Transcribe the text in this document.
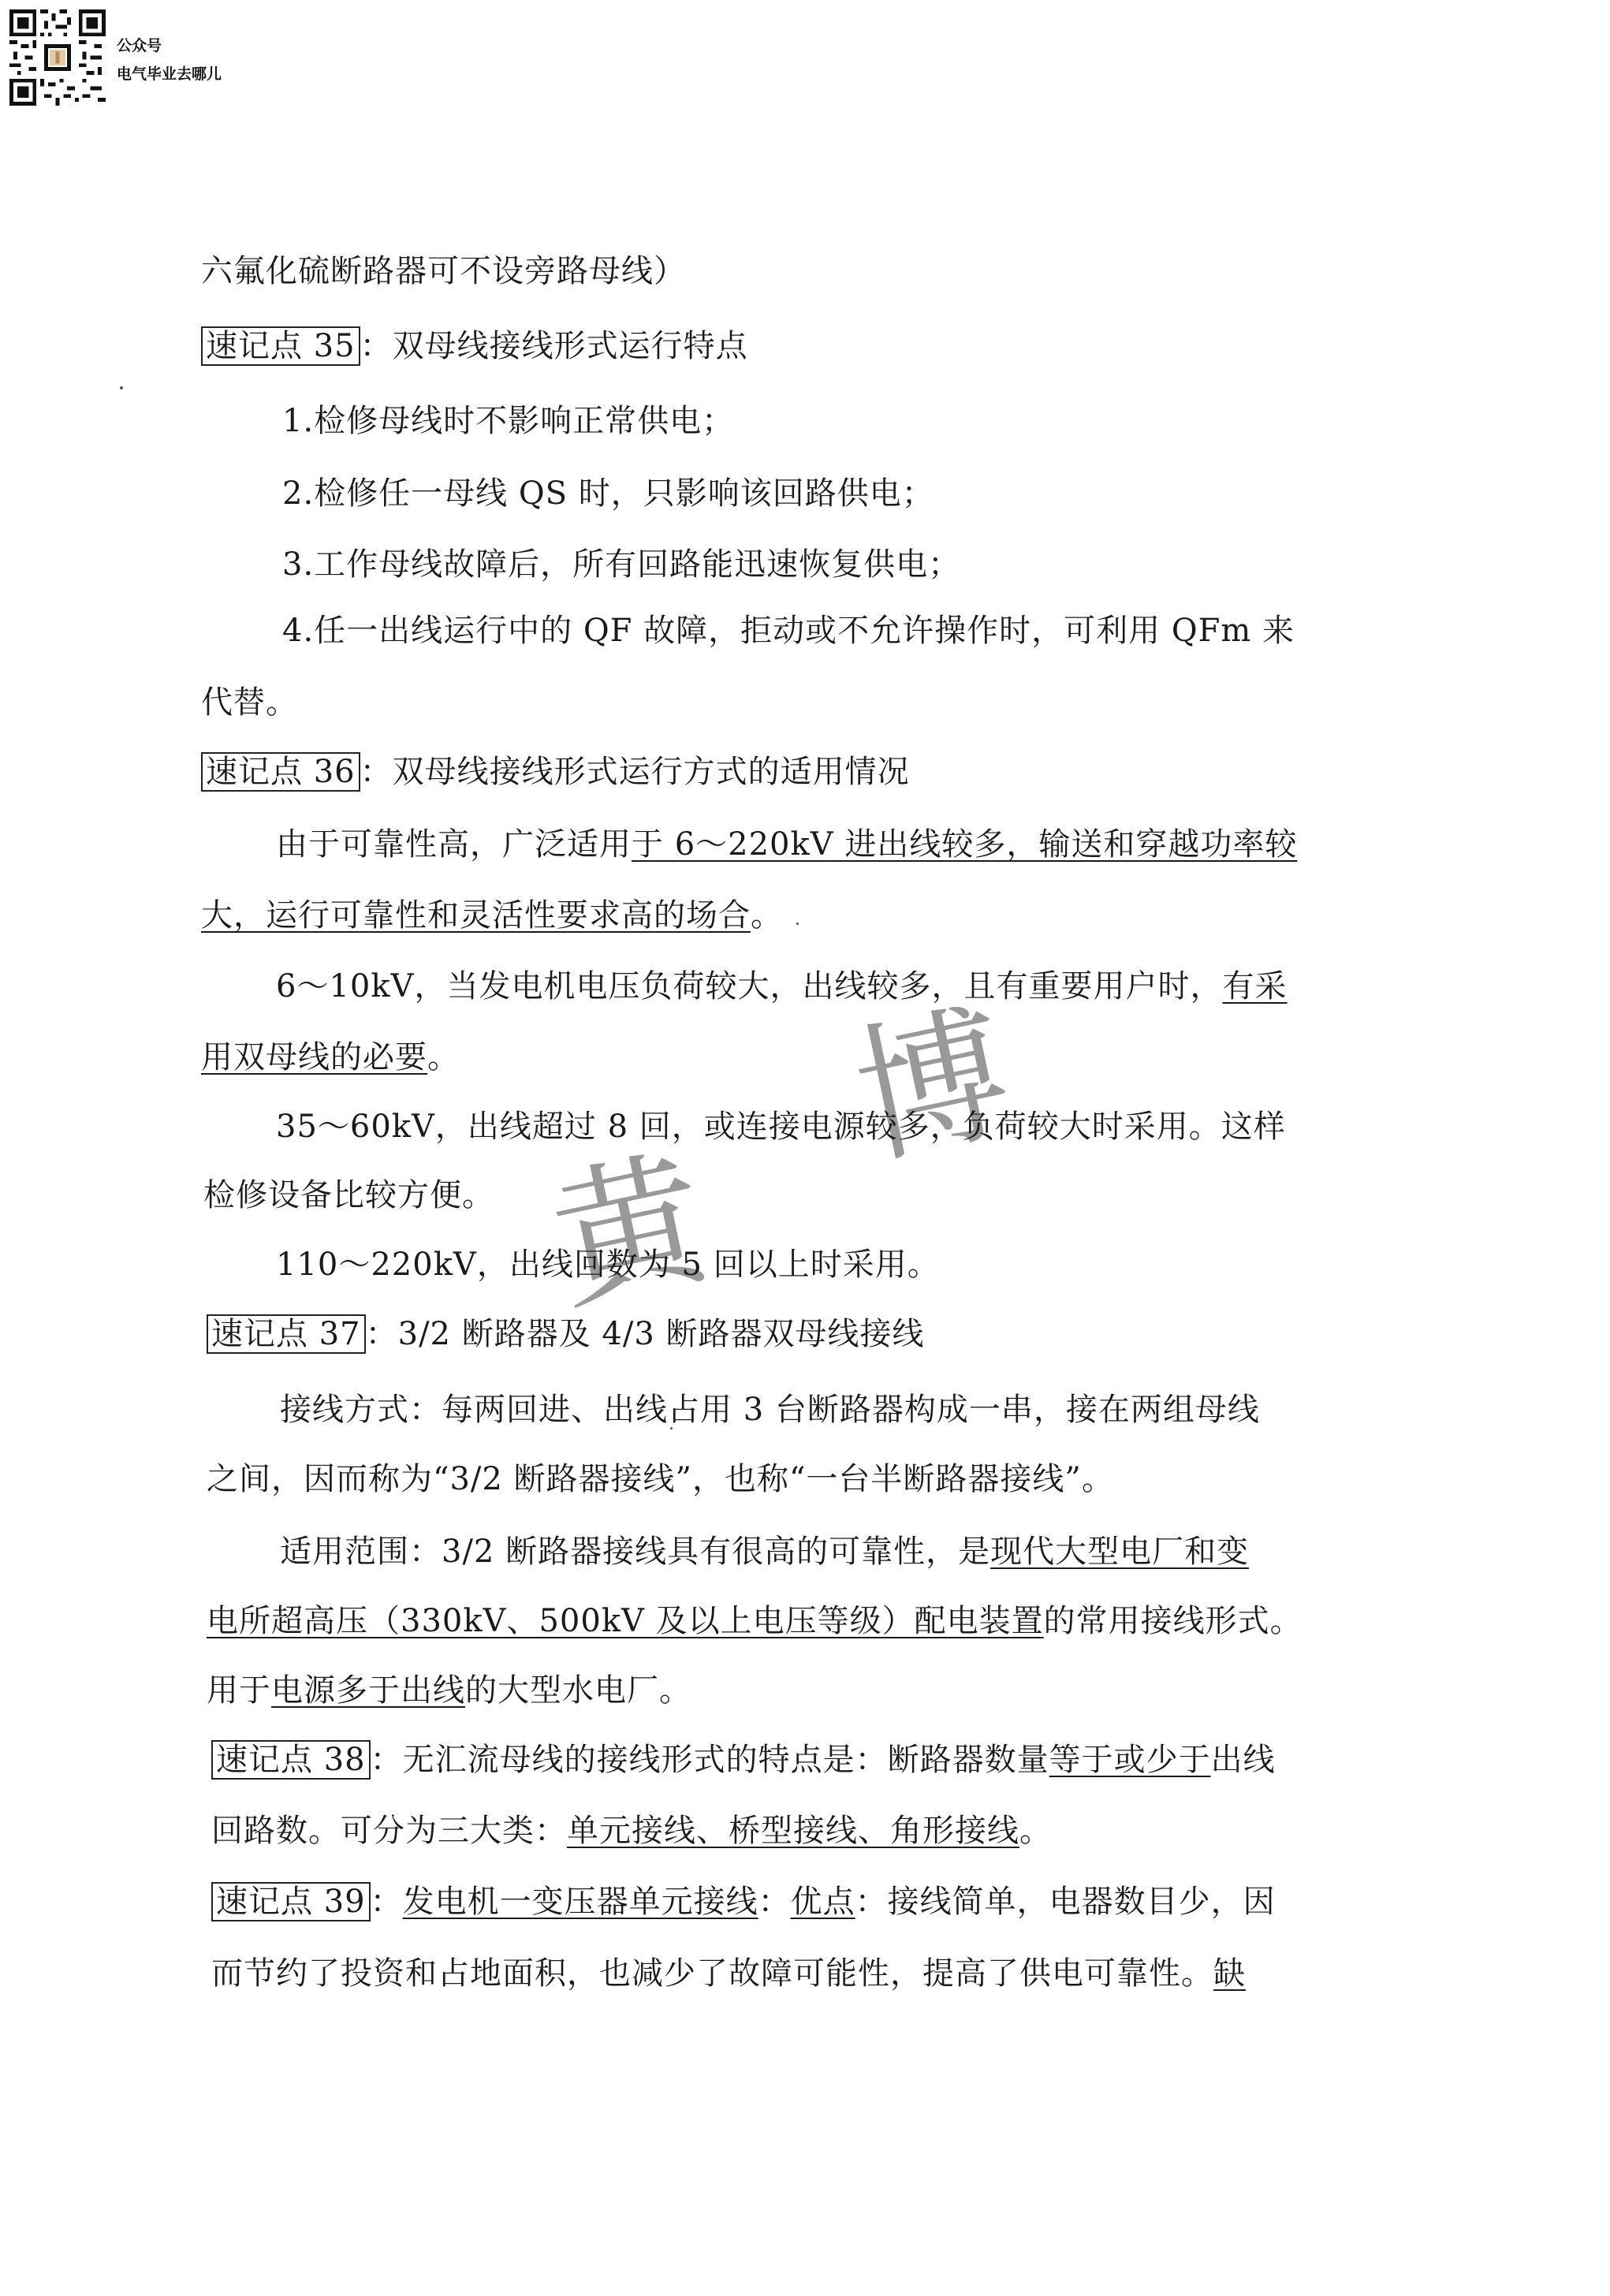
公众号
电气毕业去哪儿
黄
博
六氟化硫断路器可不设旁路母线）
速记点 35 ：双母线接线形式运行特点
1.检修母线时不影响正常供电；
2.检修任一母线 QS 时，只影响该回路供电；
3.工作母线故障后，所有回路能迅速恢复供电；
4.任一出线运行中的 QF 故障，拒动或不允许操作时，可利用 QFm 来
代替。
速记点 36 ：双母线接线形式运行方式的适用情况
由于可靠性高，广泛适用于 6～220kV 进出线较多，输送和穿越功率较
大，运行可靠性和灵活性要求高的场合。
6～10kV，当发电机电压负荷较大，出线较多，且有重要用户时，有采
用双母线的必要。
35～60kV，出线超过 8 回，或连接电源较多，负荷较大时采用。这样
检修设备比较方便。
110～220kV，出线回数为 5 回以上时采用。
速记点 37 ：3/2 断路器及 4/3 断路器双母线接线
接线方式：每两回进、出线占用 3 台断路器构成一串，接在两组母线
之间，因而称为“3/2 断路器接线”，也称“一台半断路器接线”。
适用范围：3/2 断路器接线具有很高的可靠性，是现代大型电厂和变
电所超高压（330kV、500kV 及以上电压等级）配电装置的常用接线形式。
用于电源多于出线的大型水电厂。
速记点 38 ：无汇流母线的接线形式的特点是：断路器数量等于或少于出线
回路数。可分为三大类：单元接线、桥型接线、角形接线。
速记点 39 ：发电机一变压器单元接线：优点：接线简单，电器数目少，因
而节约了投资和占地面积，也减少了故障可能性，提高了供电可靠性。缺
